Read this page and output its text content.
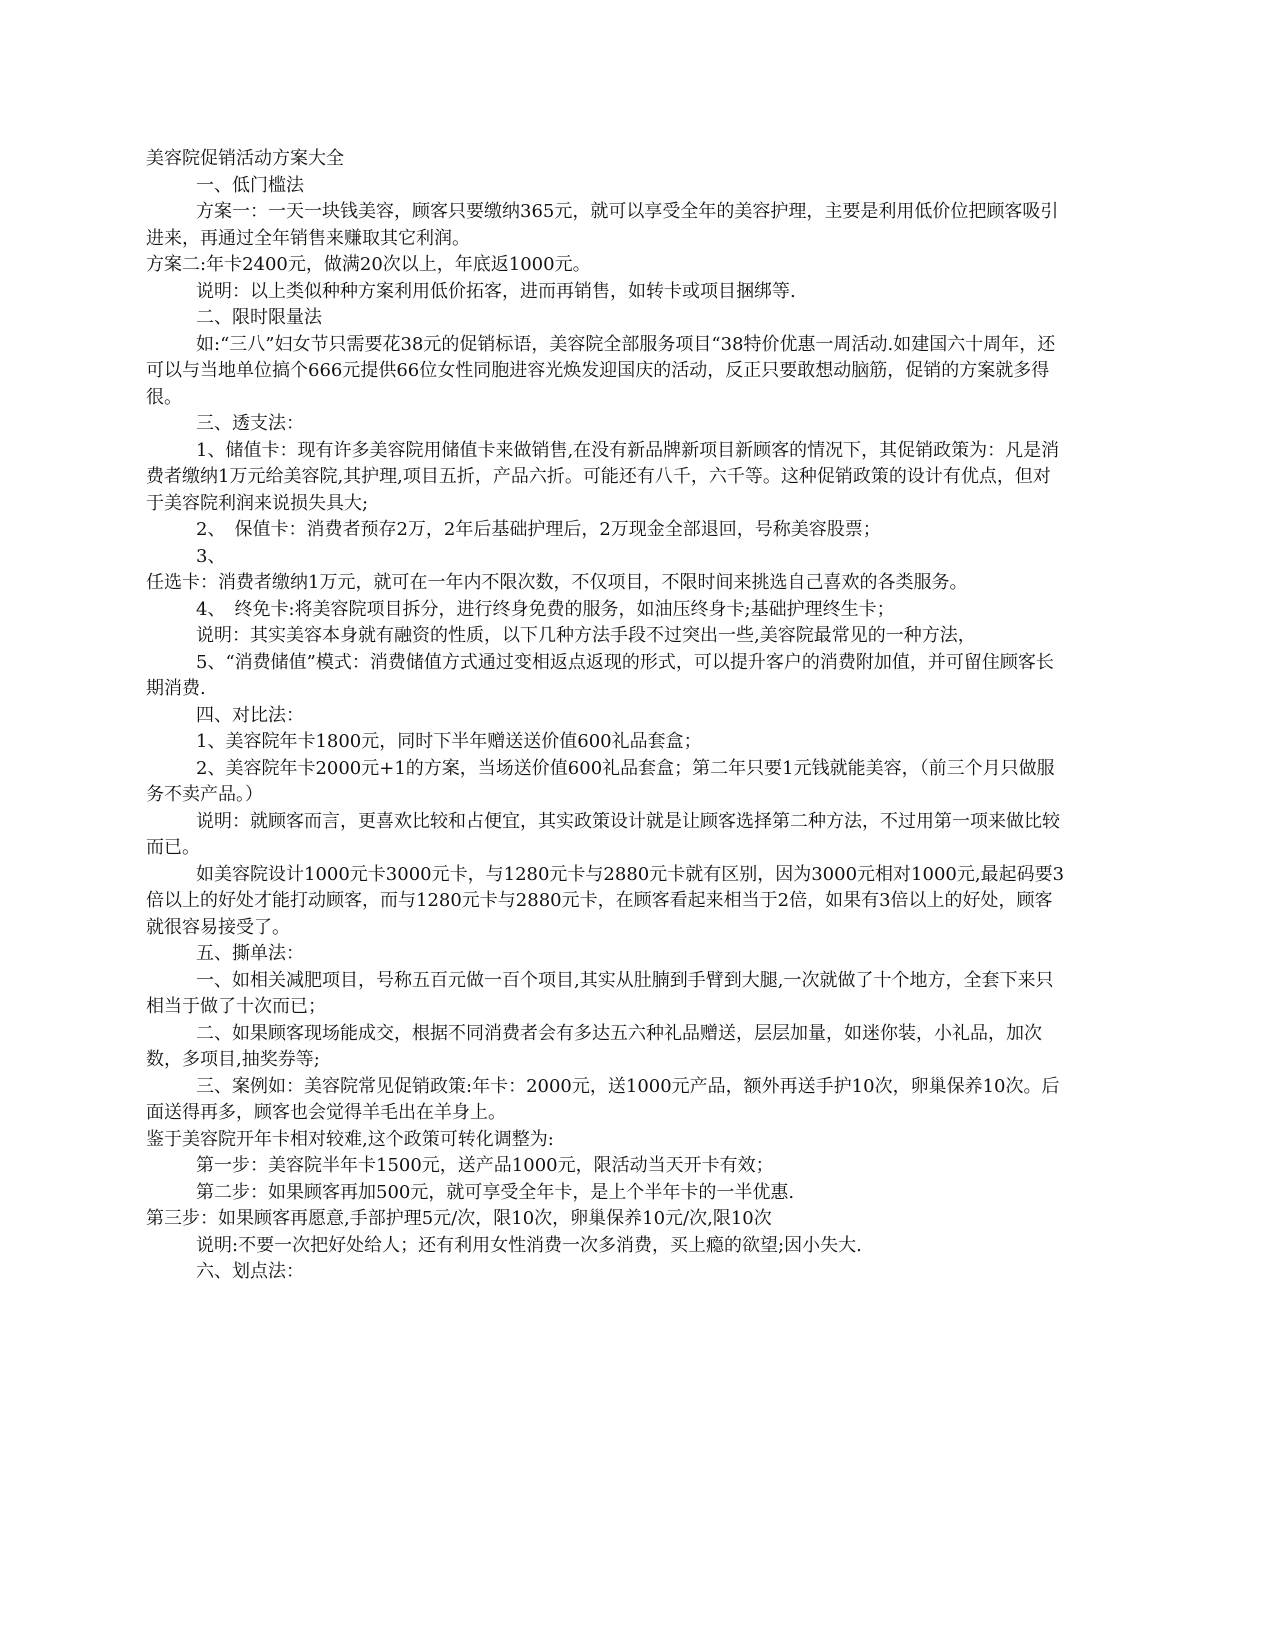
美容院促销活动方案大全

一、低门槛法

方案一：一天一块钱美容，顾客只要缴纳365元，就可以享受全年的美容护理，主要是利用低价位把顾客吸引进来，再通过全年销售来赚取其它利润。

方案二:年卡2400元，做满20次以上，年底返1000元。

说明：以上类似种种方案利用低价拓客，进而再销售，如转卡或项目捆绑等.

二、限时限量法

如:“三八”妇女节只需要花38元的促销标语，美容院全部服务项目“38特价优惠一周活动.如建国六十周年，还可以与当地单位搞个666元提供66位女性同胞进容光焕发迎国庆的活动，反正只要敢想动脑筋，促销的方案就多得很。

三、透支法：

1、储值卡：现有许多美容院用储值卡来做销售,在没有新品牌新项目新顾客的情况下，其促销政策为：凡是消费者缴纳1万元给美容院,其护理,项目五折，产品六折。可能还有八千，六千等。这种促销政策的设计有优点，但对于美容院利润来说损失具大;

2、　保值卡：消费者预存2万，2年后基础护理后，2万现金全部退回，号称美容股票；

3、

任选卡：消费者缴纳1万元，就可在一年内不限次数，不仅项目，不限时间来挑选自己喜欢的各类服务。

4、　终免卡:将美容院项目拆分，进行终身免费的服务，如油压终身卡;基础护理终生卡；

说明：其实美容本身就有融资的性质，以下几种方法手段不过突出一些,美容院最常见的一种方法，

5、“消费储值”模式：消费储值方式通过变相返点返现的形式，可以提升客户的消费附加值，并可留住顾客长期消费.

四、对比法：

1、美容院年卡1800元，同时下半年赠送送价值600礼品套盒；

2、美容院年卡2000元+1的方案，当场送价值600礼品套盒；第二年只要1元钱就能美容，（前三个月只做服务不卖产品。）

说明：就顾客而言，更喜欢比较和占便宜，其实政策设计就是让顾客选择第二种方法，不过用第一项来做比较而已。

如美容院设计1000元卡3000元卡，与1280元卡与2880元卡就有区别，因为3000元相对1000元,最起码要3倍以上的好处才能打动顾客，而与1280元卡与2880元卡，在顾客看起来相当于2倍，如果有3倍以上的好处，顾客就很容易接受了。

五、撕单法：

一、如相关减肥项目，号称五百元做一百个项目,其实从肚腩到手臂到大腿,一次就做了十个地方，全套下来只相当于做了十次而已；

二、如果顾客现场能成交，根据不同消费者会有多达五六种礼品赠送，层层加量，如迷你装，小礼品，加次数，多项目,抽奖券等;

三、案例如：美容院常见促销政策:年卡：2000元，送1000元产品，额外再送手护10次，卵巢保养10次。后面送得再多，顾客也会觉得羊毛出在羊身上。

鉴于美容院开年卡相对较难,这个政策可转化调整为:

第一步：美容院半年卡1500元，送产品1000元，限活动当天开卡有效；

第二步：如果顾客再加500元，就可享受全年卡，是上个半年卡的一半优惠.

第三步：如果顾客再愿意,手部护理5元/次，限10次，卵巢保养10元/次,限10次

说明:不要一次把好处给人；还有利用女性消费一次多消费，买上瘾的欲望;因小失大.

六、划点法：
